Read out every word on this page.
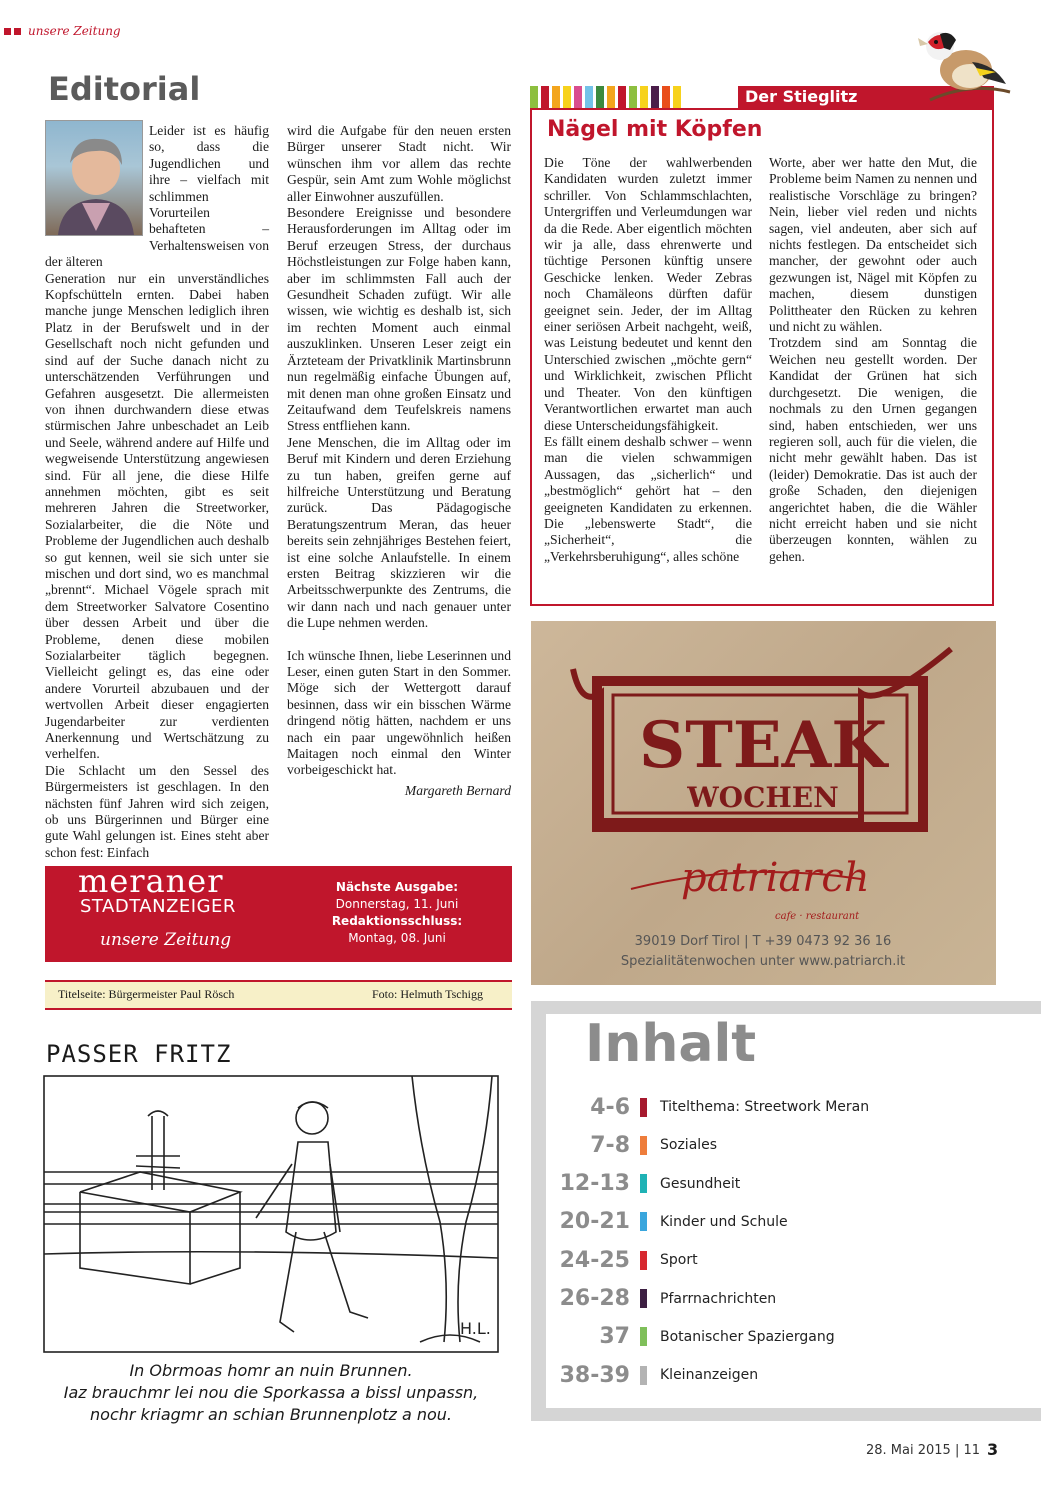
unsere Zeitung
Editorial

Leider ist es häufig so, dass die Jugendlichen und ihre – vielfach mit schlimmen Vorurteilen behafteten – Verhaltensweisen von der älteren

Generation nur ein unverständliches Kopfschütteln ernten. Dabei haben manche junge Menschen lediglich ihren Platz in der Berufswelt und in der Gesellschaft noch nicht gefunden und sind auf der Suche danach nicht zu unterschätzenden Verführungen und Gefahren ausgesetzt. Die allermeisten von ihnen durchwandern diese etwas stürmischen Jahre unbeschadet an Leib und Seele, während andere auf Hilfe und wegweisende Unterstützung angewiesen sind. Für all jene, die diese Hilfe annehmen möchten, gibt es seit mehreren Jahren die Streetworker, Sozialarbeiter, die die Nöte und Probleme der Jugendlichen auch deshalb so gut kennen, weil sie sich unter sie mischen und dort sind, wo es manchmal „brennt“. Michael Vögele sprach mit dem Streetworker Salvatore Cosentino über dessen Arbeit und über die Probleme, denen diese mobilen Sozialarbeiter täglich begegnen. Vielleicht gelingt es, das eine oder andere Vorurteil abzubauen und der wertvollen Arbeit dieser engagierten Jugendarbeiter zur verdienten Anerkennung und Wertschätzung zu verhelfen.

Die Schlacht um den Sessel des Bürgermeisters ist geschlagen. In den nächsten fünf Jahren wird sich zeigen, ob uns Bürgerinnen und Bürger eine gute Wahl gelungen ist. Eines steht aber schon fest: Einfach

wird die Aufgabe für den neuen ersten Bürger unserer Stadt nicht. Wir wünschen ihm vor allem das rechte Gespür, sein Amt zum Wohle möglichst aller Einwohner auszufüllen.

Besondere Ereignisse und besondere Herausforderungen im Alltag oder im Beruf erzeugen Stress, der durchaus Höchstleistungen zur Folge haben kann, aber im schlimmsten Fall auch der Gesundheit Schaden zufügt. Wir alle wissen, wie wichtig es deshalb ist, sich im rechten Moment auch einmal auszuklinken. Unseren Leser zeigt ein Ärzteteam der Privatklinik Martinsbrunn nun regelmäßig einfache Übungen auf, mit denen man ohne großen Einsatz und Zeitaufwand dem Teufelskreis namens Stress entfliehen kann.

Jene Menschen, die im Alltag oder im Beruf mit Kindern und deren Erziehung zu tun haben, greifen gerne auf hilfreiche Unterstützung und Beratung zurück. Das Pädagogische Beratungszentrum Meran, das heuer bereits sein zehnjähriges Bestehen feiert, ist eine solche Anlaufstelle. In einem ersten Beitrag skizzieren wir die Arbeitsschwerpunkte des Zentrums, die wir dann nach und nach genauer unter die Lupe nehmen werden.

Ich wünsche Ihnen, liebe Leserinnen und Leser, einen guten Start in den Sommer. Möge sich der Wettergott darauf besinnen, dass wir ein bisschen Wärme dringend nötig hätten, nachdem er uns nach ein paar ungewöhnlich heißen Maitagen noch einmal den Winter vorbeigeschickt hat.

Margareth Bernard

Der Stieglitz
Nägel mit Köpfen

Die Töne der wahlwerbenden Kandidaten wurden zuletzt immer schriller. Von Schlammschlachten, Untergriffen und Verleumdungen war da die Rede. Aber eigentlich möchten wir ja alle, dass ehrenwerte und tüchtige Personen künftig unsere Geschicke lenken. Weder Zebras noch Chamäleons dürften dafür geeignet sein. Jeder, der im Alltag einer seriösen Arbeit nachgeht, weiß, was Leistung bedeutet und kennt den Unterschied zwischen „möchte gern“ und Wirklichkeit, zwischen Pflicht und Theater. Von den künftigen Verantwortlichen erwartet man auch diese Unterscheidungsfähigkeit.

Es fällt einem deshalb schwer – wenn man die vielen schwammigen Aussagen, das „sicherlich“ und „bestmöglich“ gehört hat – den geeigneten Kandidaten zu erkennen. Die „lebenswerte Stadt“, die „Sicherheit“, die „Verkehrsberuhigung“, alles schöne

Worte, aber wer hatte den Mut, die Probleme beim Namen zu nennen und realistische Vorschläge zu bringen? Nein, lieber viel reden und nichts sagen, viel andeuten, aber sich auf nichts festlegen. Da entscheidet sich mancher, der gewohnt oder auch gezwungen ist, Nägel mit Köpfen zu machen, diesem dunstigen Polittheater den Rücken zu kehren und nicht zu wählen.

Trotzdem sind am Sonntag die Weichen neu gestellt worden. Der Kandidat der Grünen hat sich durchgesetzt. Die wenigen, die nochmals zu den Urnen gegangen sind, haben entschieden, wer uns regieren soll, auch für die vielen, die nicht mehr gewählt haben. Das ist (leider) Demokratie. Das ist auch der große Schaden, den diejenigen angerichtet haben, die die Wähler nicht erreicht haben und sie nicht überzeugen konnten, wählen zu gehen.

meraner
STADTANZEIGER
unsere Zeitung
Nächste Ausgabe:
Donnerstag, 11. Juni
Redaktionsschluss:
Montag, 08. Juni
Titelseite: Bürgermeister Paul Rösch	Foto: Helmuth Tschigg
PASSER FRITZ
H.L.
In Obrmoas homr an nuin Brunnen.
Iaz brauchmr lei nou die Sporkassa a bissl unpassn,
nochr kriagmr an schian Brunnenplotz a nou.
STEAK
WOCHEN
patriarch
cafe · restaurant
39019 Dorf Tirol | T +39 0473 92 36 16
Spezialitätenwochen unter www.patriarch.it
Inhalt
4-6 Titelthema: Streetwork Meran
7-8 Soziales
12-13 Gesundheit
20-21 Kinder und Schule
24-25 Sport
26-28 Pfarrnachrichten
37 Botanischer Spaziergang
38-39 Kleinanzeigen
28. Mai 2015 | 11 3
